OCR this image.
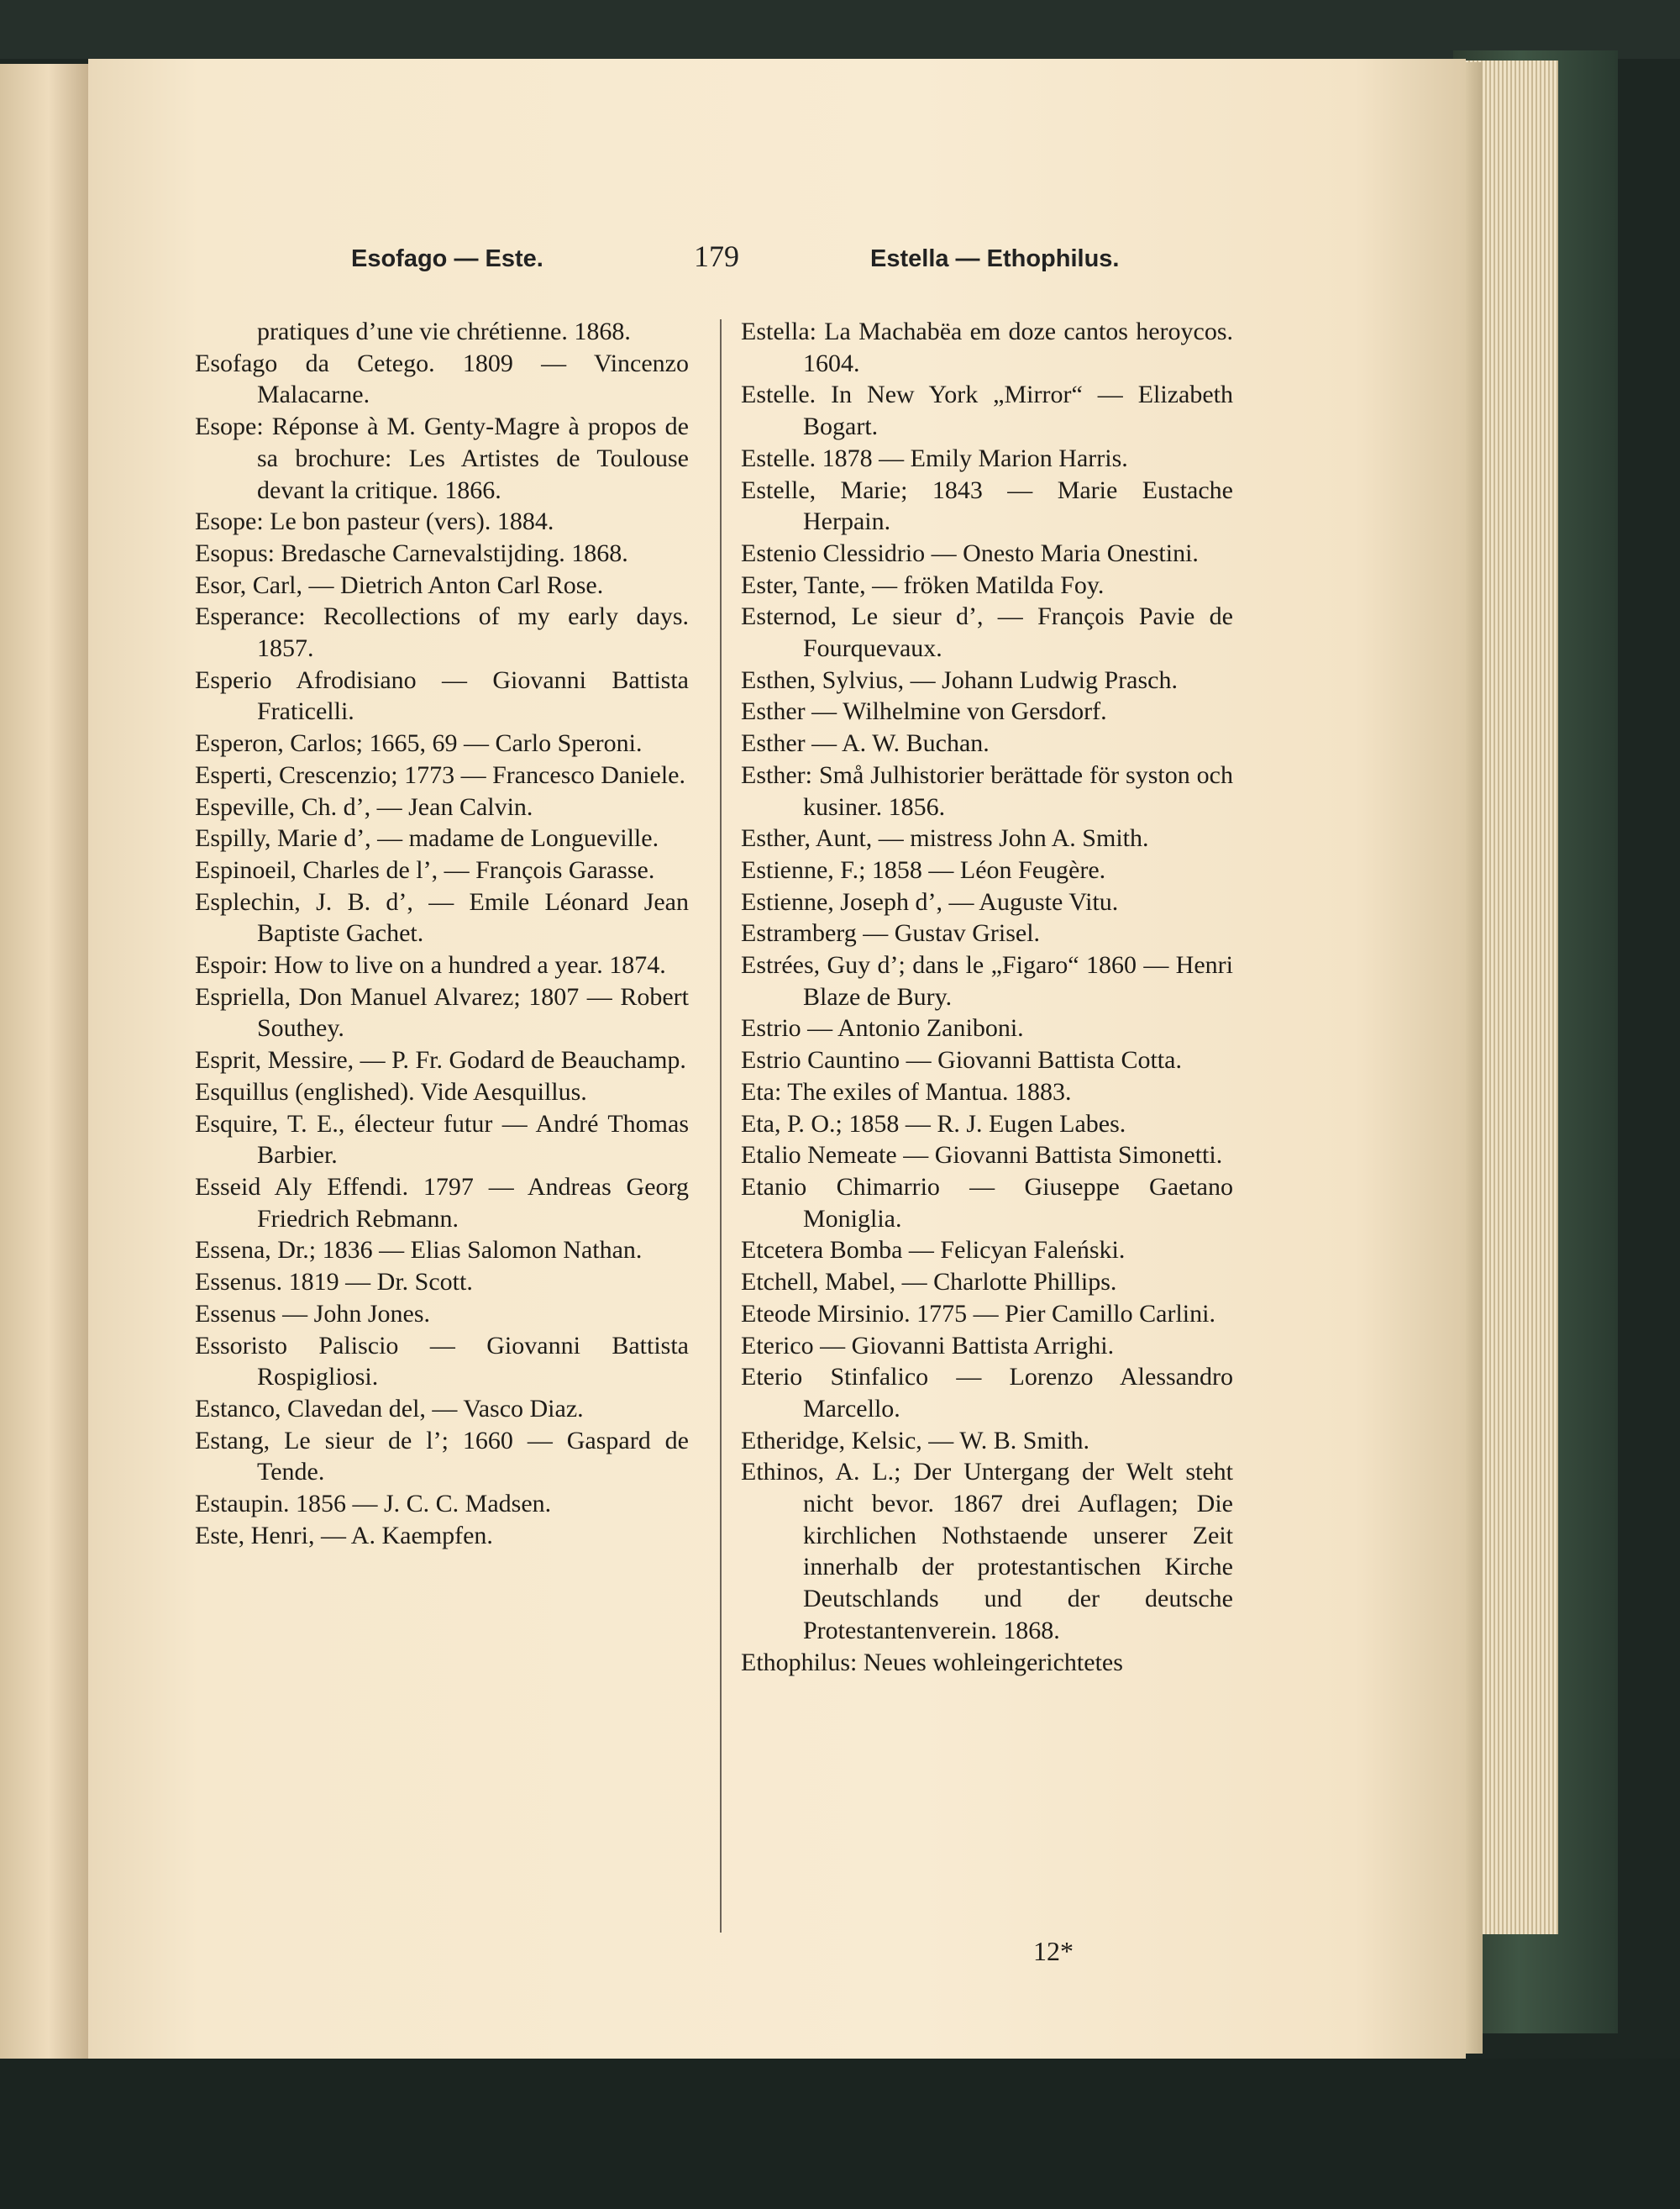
Esofago — Este.	179	Estella — Ethophilus.

pratiques d’une vie chrétienne. 1868.

Esofago da Cetego. 1809 — Vincenzo Malacarne.

Esope: Réponse à M. Genty-Magre à propos de sa brochure: Les Artistes de Toulouse devant la critique. 1866.

Esope: Le bon pasteur (vers). 1884.

Esopus: Bredasche Carnevalstijding. 1868.

Esor, Carl, — Dietrich Anton Carl Rose.

Esperance: Recollections of my early days. 1857.

Esperio Afrodisiano — Giovanni Battista Fraticelli.

Esperon, Carlos; 1665, 69 — Carlo Speroni.

Esperti, Crescenzio; 1773 — Francesco Daniele.

Espeville, Ch. d’, — Jean Calvin.

Espilly, Marie d’, — madame de Longueville.

Espinoeil, Charles de l’, — François Garasse.

Esplechin, J. B. d’, — Emile Léonard Jean Baptiste Gachet.

Espoir: How to live on a hundred a year. 1874.

Espriella, Don Manuel Alvarez; 1807 — Robert Southey.

Esprit, Messire, — P. Fr. Godard de Beauchamp.

Esquillus (englished). Vide Aesquillus.

Esquire, T. E., électeur futur — André Thomas Barbier.

Esseid Aly Effendi. 1797 — Andreas Georg Friedrich Rebmann.

Essena, Dr.; 1836 — Elias Salomon Nathan.

Essenus. 1819 — Dr. Scott.

Essenus — John Jones.

Essoristo Paliscio — Giovanni Battista Rospigliosi.

Estanco, Clavedan del, — Vasco Diaz.

Estang, Le sieur de l’; 1660 — Gaspard de Tende.

Estaupin. 1856 — J. C. C. Madsen.

Este, Henri, — A. Kaempfen.

Estella: La Machabëa em doze cantos heroycos. 1604.

Estelle. In New York „Mirror“ — Elizabeth Bogart.

Estelle. 1878 — Emily Marion Harris.

Estelle, Marie; 1843 — Marie Eustache Herpain.

Estenio Clessidrio — Onesto Maria Onestini.

Ester, Tante, — fröken Matilda Foy.

Esternod, Le sieur d’, — François Pavie de Fourquevaux.

Esthen, Sylvius, — Johann Ludwig Prasch.

Esther — Wilhelmine von Gersdorf.

Esther — A. W. Buchan.

Esther: Små Julhistorier berättade för syston och kusiner. 1856.

Esther, Aunt, — mistress John A. Smith.

Estienne, F.; 1858 — Léon Feugère.

Estienne, Joseph d’, — Auguste Vitu.

Estramberg — Gustav Grisel.

Estrées, Guy d’; dans le „Figaro“ 1860 — Henri Blaze de Bury.

Estrio — Antonio Zaniboni.

Estrio Cauntino — Giovanni Battista Cotta.

Eta: The exiles of Mantua. 1883.

Eta, P. O.; 1858 — R. J. Eugen Labes.

Etalio Nemeate — Giovanni Battista Simonetti.

Etanio Chimarrio — Giuseppe Gaetano Moniglia.

Etcetera Bomba — Felicyan Faleński.

Etchell, Mabel, — Charlotte Phillips.

Eteode Mirsinio. 1775 — Pier Camillo Carlini.

Eterico — Giovanni Battista Arrighi.

Eterio Stinfalico — Lorenzo Alessandro Marcello.

Etheridge, Kelsic, — W. B. Smith.

Ethinos, A. L.; Der Untergang der Welt steht nicht bevor. 1867 drei Auflagen; Die kirchlichen Nothstaende unserer Zeit innerhalb der protestantischen Kirche Deutschlands und der deutsche Protestantenverein. 1868.

Ethophilus: Neues wohleingerichtetes

12*
